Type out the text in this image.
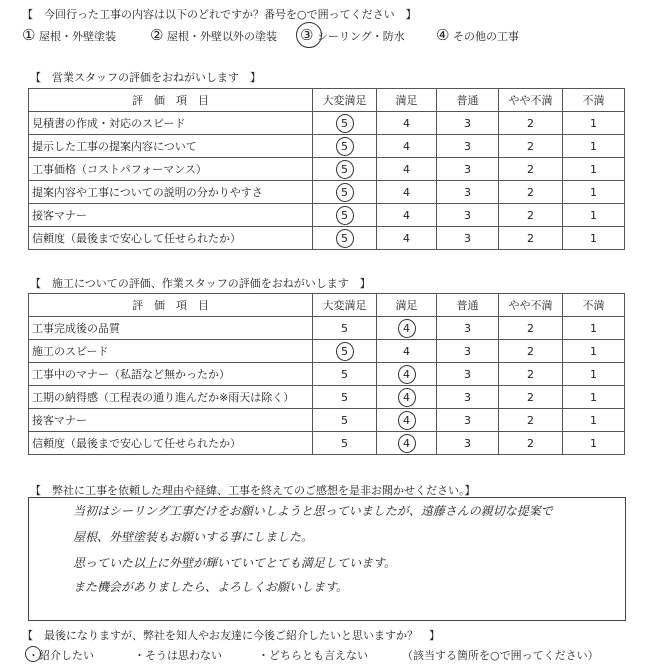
【　今回行った工事の内容は以下のどれですか？番号を○で囲ってください　】
① 屋根・外壁塗装 ② 屋根・外壁以外の塗装 ③ シーリング・防水 ④ その他の工事
【　営業スタッフの評価をおねがいします　】
評　価　項　目	大変満足	満足	普通	やや不満	不満
見積書の作成・対応のスピード	5	4	3	2	1
提示した工事の提案内容について	5	4	3	2	1
工事価格（コストパフォーマンス）	5	4	3	2	1
提案内容や工事についての説明の分かりやすさ	5	4	3	2	1
接客マナー	5	4	3	2	1
信頼度（最後まで安心して任せられたか）	5	4	3	2	1
【　施工についての評価、作業スタッフの評価をおねがいします　】
評　価　項　目	大変満足	満足	普通	やや不満	不満
工事完成後の品質	5	4	3	2	1
施工のスピード	5	4	3	2	1
工事中のマナー（私語など無かったか）	5	4	3	2	1
工期の納得感（工程表の通り進んだか※雨天は除く）	5	4	3	2	1
接客マナー	5	4	3	2	1
信頼度（最後まで安心して任せられたか）	5	4	3	2	1
【　弊社に工事を依頼した理由や経緯、工事を終えてのご感想を是非お聞かせください。】
当初はシーリング工事だけをお願いしようと思っていましたが、遠藤さんの親切な提案で
屋根、外壁塗装もお願いする事にしました。
思っていた以上に外壁が輝いていてとても満足しています。
また機会がありましたら、よろしくお願いします。
【　最後になりますが、弊社を知人やお友達に今後ご紹介したいと思いますか？　】
・紹介したい	・そうは思わない	・どちらとも言えない	（該当する箇所を○で囲ってください）
